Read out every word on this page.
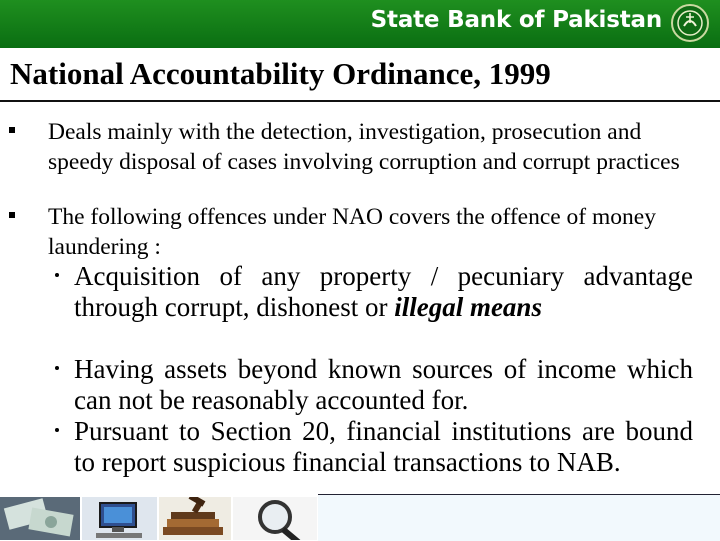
State Bank of Pakistan
National Accountability Ordinance, 1999
Deals mainly with the detection, investigation, prosecution and speedy disposal of cases involving corruption and corrupt practices
The following offences under NAO covers the offence of money laundering :
Acquisition of any property / pecuniary advantage through corrupt, dishonest or illegal means
Having assets beyond known sources of income which can not be reasonably accounted for.
Pursuant to Section 20, financial institutions are bound to report suspicious financial transactions to NAB.
